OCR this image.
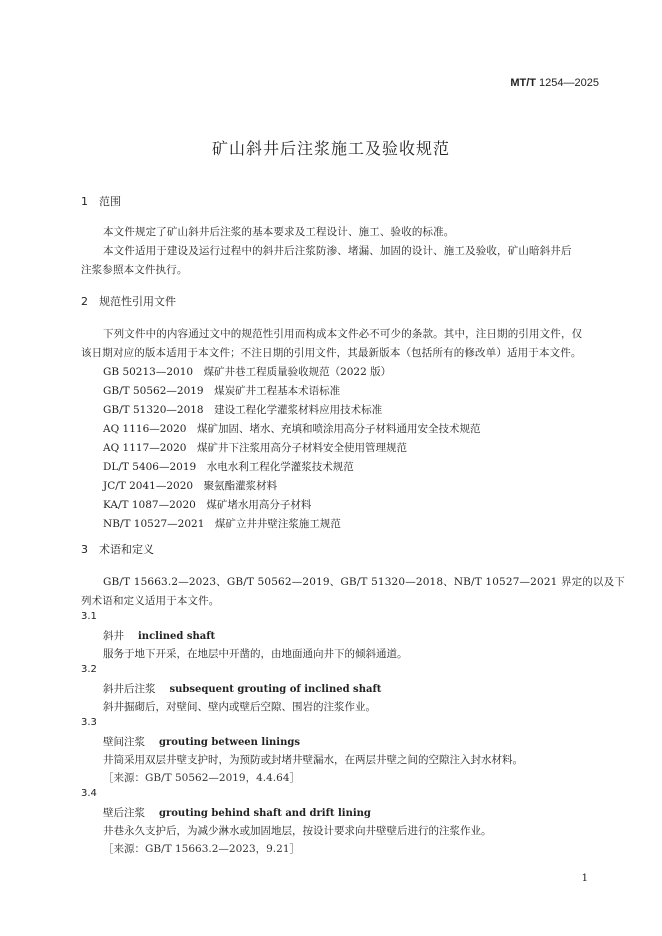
MT/T 1254—2025
矿山斜井后注浆施工及验收规范
1 范围
本文件规定了矿山斜井后注浆的基本要求及工程设计、施工、验收的标准。
本文件适用于建设及运行过程中的斜井后注浆防渗、堵漏、加固的设计、施工及验收，矿山暗斜井后
注浆参照本文件执行。
2 规范性引用文件
下列文件中的内容通过文中的规范性引用而构成本文件必不可少的条款。其中，注日期的引用文件，仅
该日期对应的版本适用于本文件；不注日期的引用文件，其最新版本（包括所有的修改单）适用于本文件。
GB 50213—2010　煤矿井巷工程质量验收规范（2022 版）
GB/T 50562—2019　煤炭矿井工程基本术语标准
GB/T 51320—2018　建设工程化学灌浆材料应用技术标准
AQ 1116—2020　煤矿加固、堵水、充填和喷涂用高分子材料通用安全技术规范
AQ 1117—2020　煤矿井下注浆用高分子材料安全使用管理规范
DL/T 5406—2019　水电水利工程化学灌浆技术规范
JC/T 2041—2020　聚氨酯灌浆材料
KA/T 1087—2020　煤矿堵水用高分子材料
NB/T 10527—2021　煤矿立井井壁注浆施工规范
3 术语和定义
GB/T 15663.2—2023、GB/T 50562—2019、GB/T 51320—2018、NB/T 10527—2021 界定的以及下
列术语和定义适用于本文件。
3.1
斜井 inclined shaft
服务于地下开采，在地层中开凿的，由地面通向井下的倾斜通道。
3.2
斜井后注浆 subsequent grouting of inclined shaft
斜井掘砌后，对壁间、壁内或壁后空隙、围岩的注浆作业。
3.3
壁间注浆 grouting between linings
井筒采用双层井壁支护时，为预防或封堵井壁漏水，在两层井壁之间的空隙注入封水材料。
［来源：GB/T 50562—2019，4.4.64］
3.4
壁后注浆 grouting behind shaft and drift lining
井巷永久支护后，为减少淋水或加固地层，按设计要求向井壁壁后进行的注浆作业。
［来源：GB/T 15663.2—2023，9.21］
1
